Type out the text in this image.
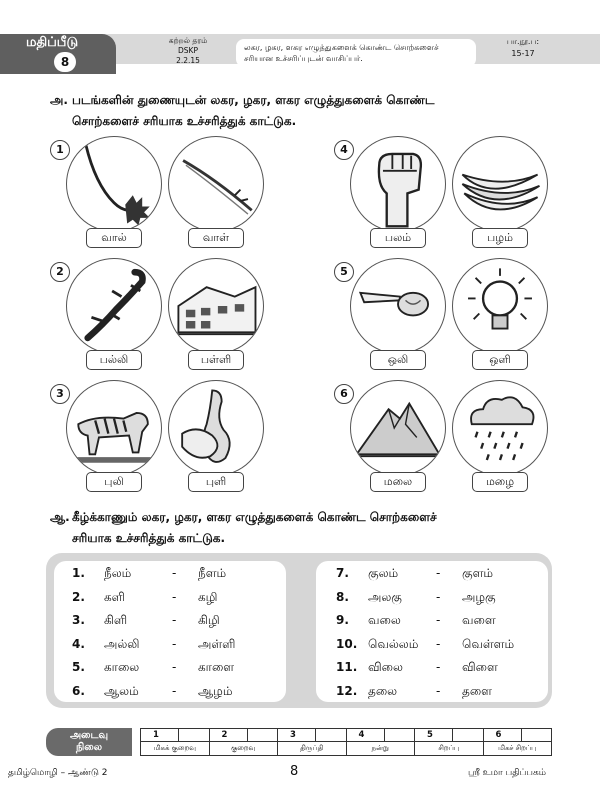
மதிப்பீடு
8
கற்றல் தரம்
DSKP
2.2.15
லகர, ழகர, ளகர எழுத்துகளைக் கொண்ட சொற்களைச்
சரியான உச்சரிப்புடன் வாசிப்பர்.
பா.நூ.ப:
15-17
அ. படங்களின் துணையுடன் லகர, ழகர, ளகர எழுத்துகளைக் கொண்ட
சொற்களைச் சரியாக உச்சரித்துக் காட்டுக.
1
வால்	வாள்
4
பலம்	பழம்
2
பல்லி	பள்ளி
5
ஒலி	ஒளி
3
புலி	புளி
6
மலை	மழை
ஆ. கீழ்க்காணும் லகர, ழகர, ளகர எழுத்துகளைக் கொண்ட சொற்களைச்
சரியாக உச்சரித்துக் காட்டுக.
1.	நீலம்	-	நீளம்
2.	களி	-	கழி
3.	கிளி	-	கிழி
4.	அல்லி	-	அள்ளி
5.	காலை	-	காளை
6.	ஆலம்	-	ஆழம்
7.	குலம்	-	குளம்
8.	அலகு	-	அழகு
9.	வலை	-	வளை
10. வெல்லம்	-	வெள்ளம்
11. விலை	-	விளை
12. தலை	-	தளை
அடைவு
நிலை
1
மிகக் குறைவு
2
குறைவு
3
திருப்தி
4
நன்று
5
சிறப்பு
6
மிகச் சிறப்பு
தமிழ்மொழி – ஆண்டு 2	8	ஸ்ரீ உமா பதிப்பகம்
